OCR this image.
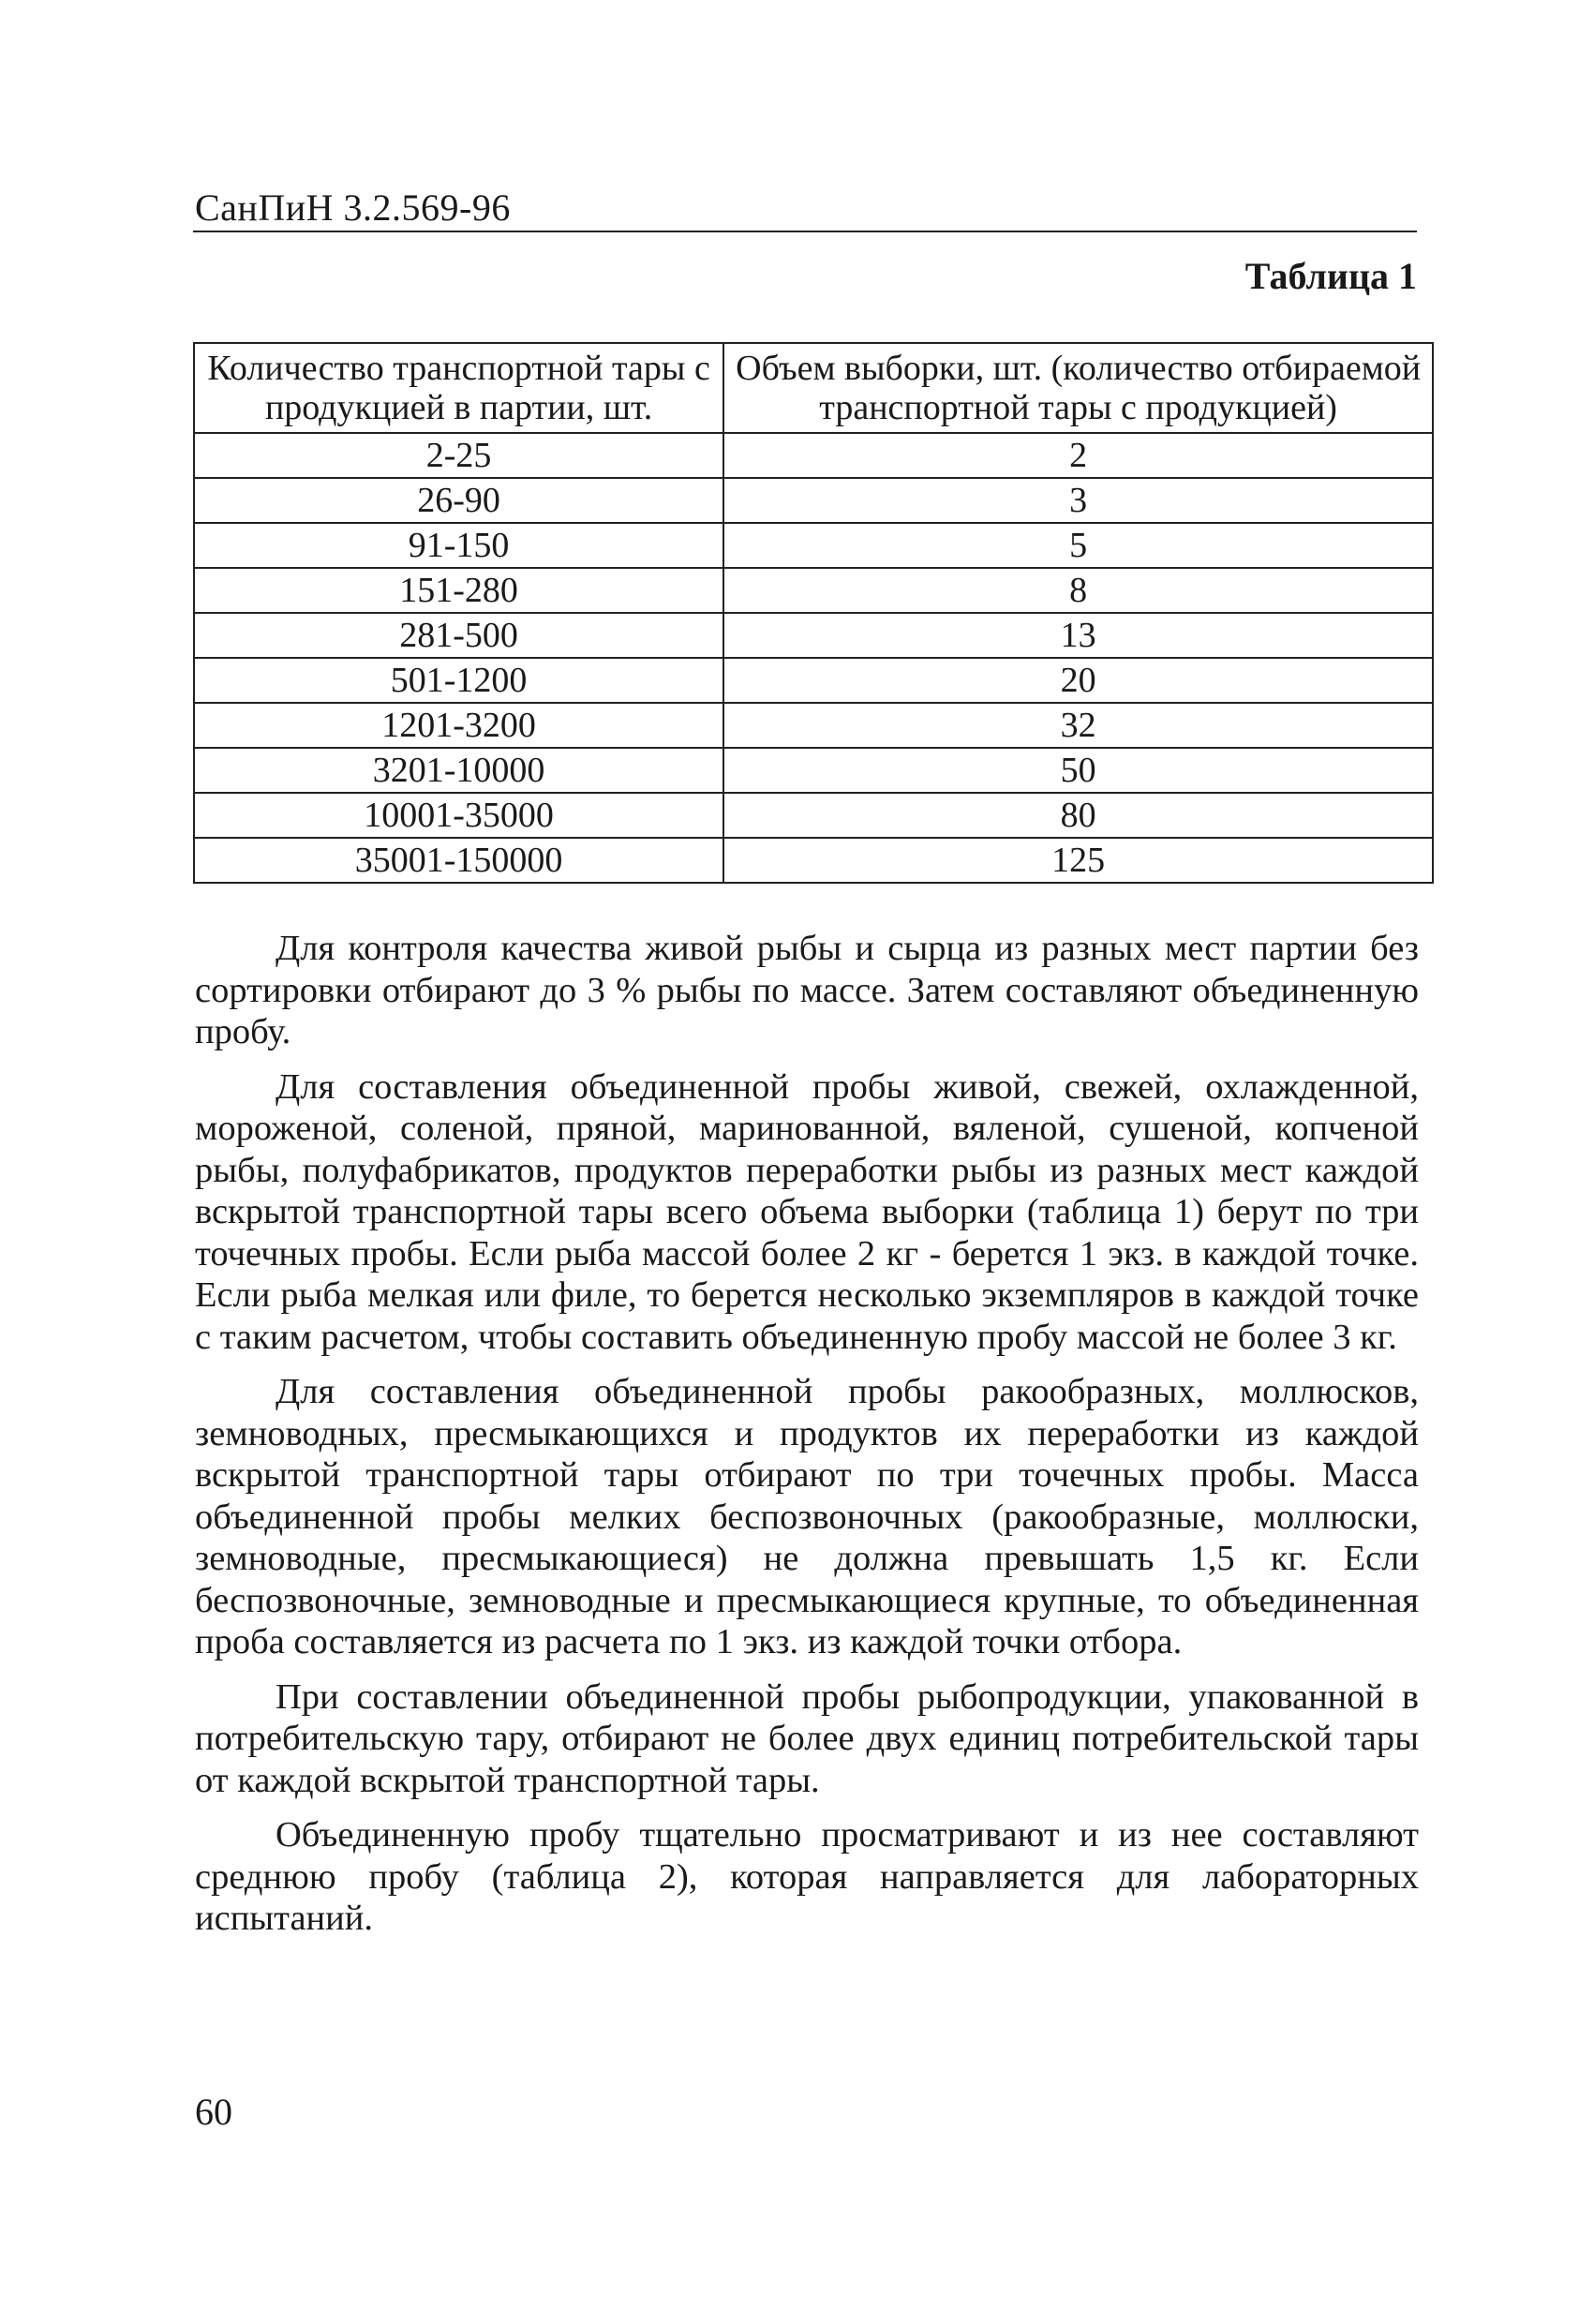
СанПиН 3.2.569-96
Таблица 1
Количество транспортной тары с продукцией в партии, шт.	Объем выборки, шт. (количество отбираемой транспортной тары с продукцией)
2-25	2
26-90	3
91-150	5
151-280	8
281-500	13
501-1200	20
1201-3200	32
3201-10000	50
10001-35000	80
35001-150000	125

Для контроля качества живой рыбы и сырца из разных мест партии без сортировки отбирают до 3 % рыбы по массе. Затем составляют объединенную пробу.

Для составления объединенной пробы живой, свежей, охлажденной, мороженой, соленой, пряной, маринованной, вяленой, сушеной, копченой рыбы, полуфабрикатов, продуктов переработки рыбы из разных мест каждой вскрытой транспортной тары всего объема выборки (таблица 1) берут по три точечных пробы. Если рыба массой более 2 кг - берется 1 экз. в каждой точке. Если рыба мелкая или филе, то берется несколько экземпляров в каждой точке с таким расчетом, чтобы составить объединенную пробу массой не более 3 кг.

Для составления объединенной пробы ракообразных, моллюсков, земноводных, пресмыкающихся и продуктов их переработки из каждой вскрытой транспортной тары отбирают по три точечных пробы. Масса объединенной пробы мелких беспозвоночных (ракообразные, моллюски, земноводные, пресмыкающиеся) не должна превышать 1,5 кг. Если беспозвоночные, земноводные и пресмыкающиеся крупные, то объединенная проба составляется из расчета по 1 экз. из каждой точки отбора.

При составлении объединенной пробы рыбопродукции, упакованной в потребительскую тару, отбирают не более двух единиц потребительской тары от каждой вскрытой транспортной тары.

Объединенную пробу тщательно просматривают и из нее составляют среднюю пробу (таблица 2), которая направляется для лабораторных испытаний.

60
